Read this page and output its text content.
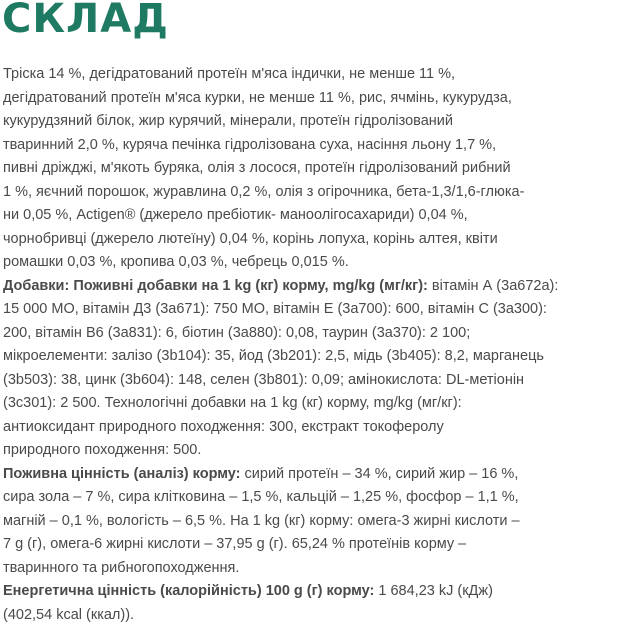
СКЛАД
Тріска 14 %, дегідратований протеїн м'яса індички, не менше 11 %,
дегідратований протеїн м'яса курки, не менше 11 %, рис, ячмінь, кукурудза,
кукурудзяний білок, жир курячий, мінерали, протеїн гідролізований
тваринний 2,0 %, куряча печінка гідролізована суха, насіння льону 1,7 %,
пивні дріжджі, м'якоть буряка, олія з лосося, протеїн гідролізований рибний
1 %, яєчний порошок, журавлина 0,2 %, олія з огірочника, бета-1,3/1,6-глюка-
ни 0,05 %, Actigen® (джерело пребіотик- маноолігосахариди) 0,04 %,
чорнобривці (джерело лютеїну) 0,04 %, корінь лопуха, корінь алтея, квіти
ромашки 0,03 %, кропива 0,03 %, чебрець 0,015 %.
Добавки: Поживні добавки на 1 kg (кг) корму, mg/kg (мг/кг): вітамін А (3a672a):
15 000 МО, вітамін Д3 (3a671): 750 МО, вітамін Е (3a700): 600, вітамін С (3a300):
200, вітамін В6 (3a831): 6, біотин (3a880): 0,08, таурин (3a370): 2 100;
мікроелементи: залізо (3b104): 35, йод (3b201): 2,5, мідь (3b405): 8,2, марганець
(3b503): 38, цинк (3b604): 148, селен (3b801): 0,09; амінокислота: DL-метіонін
(3c301): 2 500. Технологічні добавки на 1 kg (кг) корму, mg/kg (мг/кг):
антиоксидант природного походження: 300, екстракт токоферолу
природного походження: 500.
Поживна цінність (аналіз) корму: сирий протеїн – 34 %, сирий жир – 16 %,
сира зола – 7 %, сира клітковина – 1,5 %, кальцій – 1,25 %, фосфор – 1,1 %,
магній – 0,1 %, вологість – 6,5 %. На 1 kg (кг) корму: омега-3 жирні кислоти –
7 g (г), омега-6 жирні кислоти – 37,95 g (г). 65,24 % протеїнів корму –
тваринного та рибногопоходження.
Енергетична цінність (калорійність) 100 g (г) корму: 1 684,23 kJ (кДж)
(402,54 kcal (ккал)).
